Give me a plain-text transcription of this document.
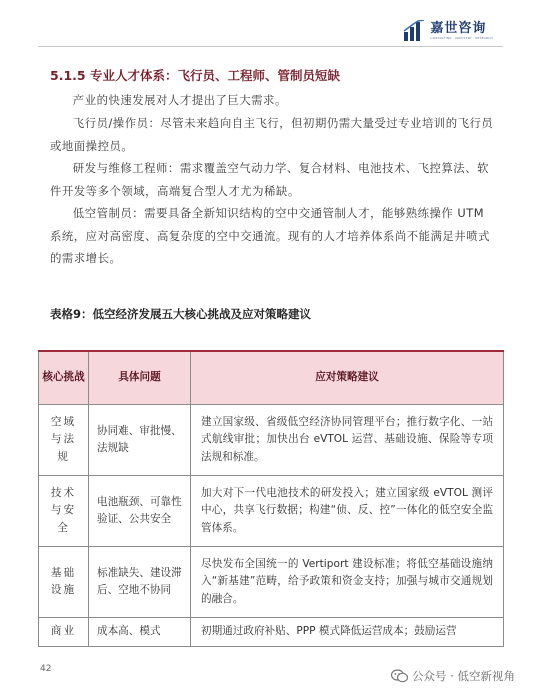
嘉世咨询
CONSULTING · INDUSTRY · RESEARCH
5.1.5 专业人才体系：飞行员、工程师、管制员短缺
产业的快速发展对人才提出了巨大需求。
飞行员/操作员：尽管未来趋向自主飞行，但初期仍需大量受过专业培训的飞行员或地面操控员。
研发与维修工程师：需求覆盖空气动力学、复合材料、电池技术、飞控算法、软件开发等多个领域，高端复合型人才尤为稀缺。
低空管制员：需要具备全新知识结构的空中交通管制人才，能够熟练操作 UTM 系统，应对高密度、高复杂度的空中交通流。现有的人才培养体系尚不能满足井喷式的需求增长。
表格9：低空经济发展五大核心挑战及应对策略建议
核心挑战	具体问题	应对策略建议
空域与法规	协同难、审批慢、法规缺	建立国家级、省级低空经济协同管理平台；推行数字化、一站式航线审批；加快出台 eVTOL 运营、基础设施、保险等专项法规和标准。
技术与安全	电池瓶颈、可靠性验证、公共安全	加大对下一代电池技术的研发投入；建立国家级 eVTOL 测评中心，共享飞行数据；构建“侦、反、控”一体化的低空安全监管体系。
基础设施	标准缺失、建设滞后、空地不协同	尽快发布全国统一的 Vertiport 建设标准；将低空基础设施纳入“新基建”范畴，给予政策和资金支持；加强与城市交通规划的融合。
商业	成本高、模式	初期通过政府补贴、PPP 模式降低运营成本；鼓励运营
42	公众号 · 低空新视角
